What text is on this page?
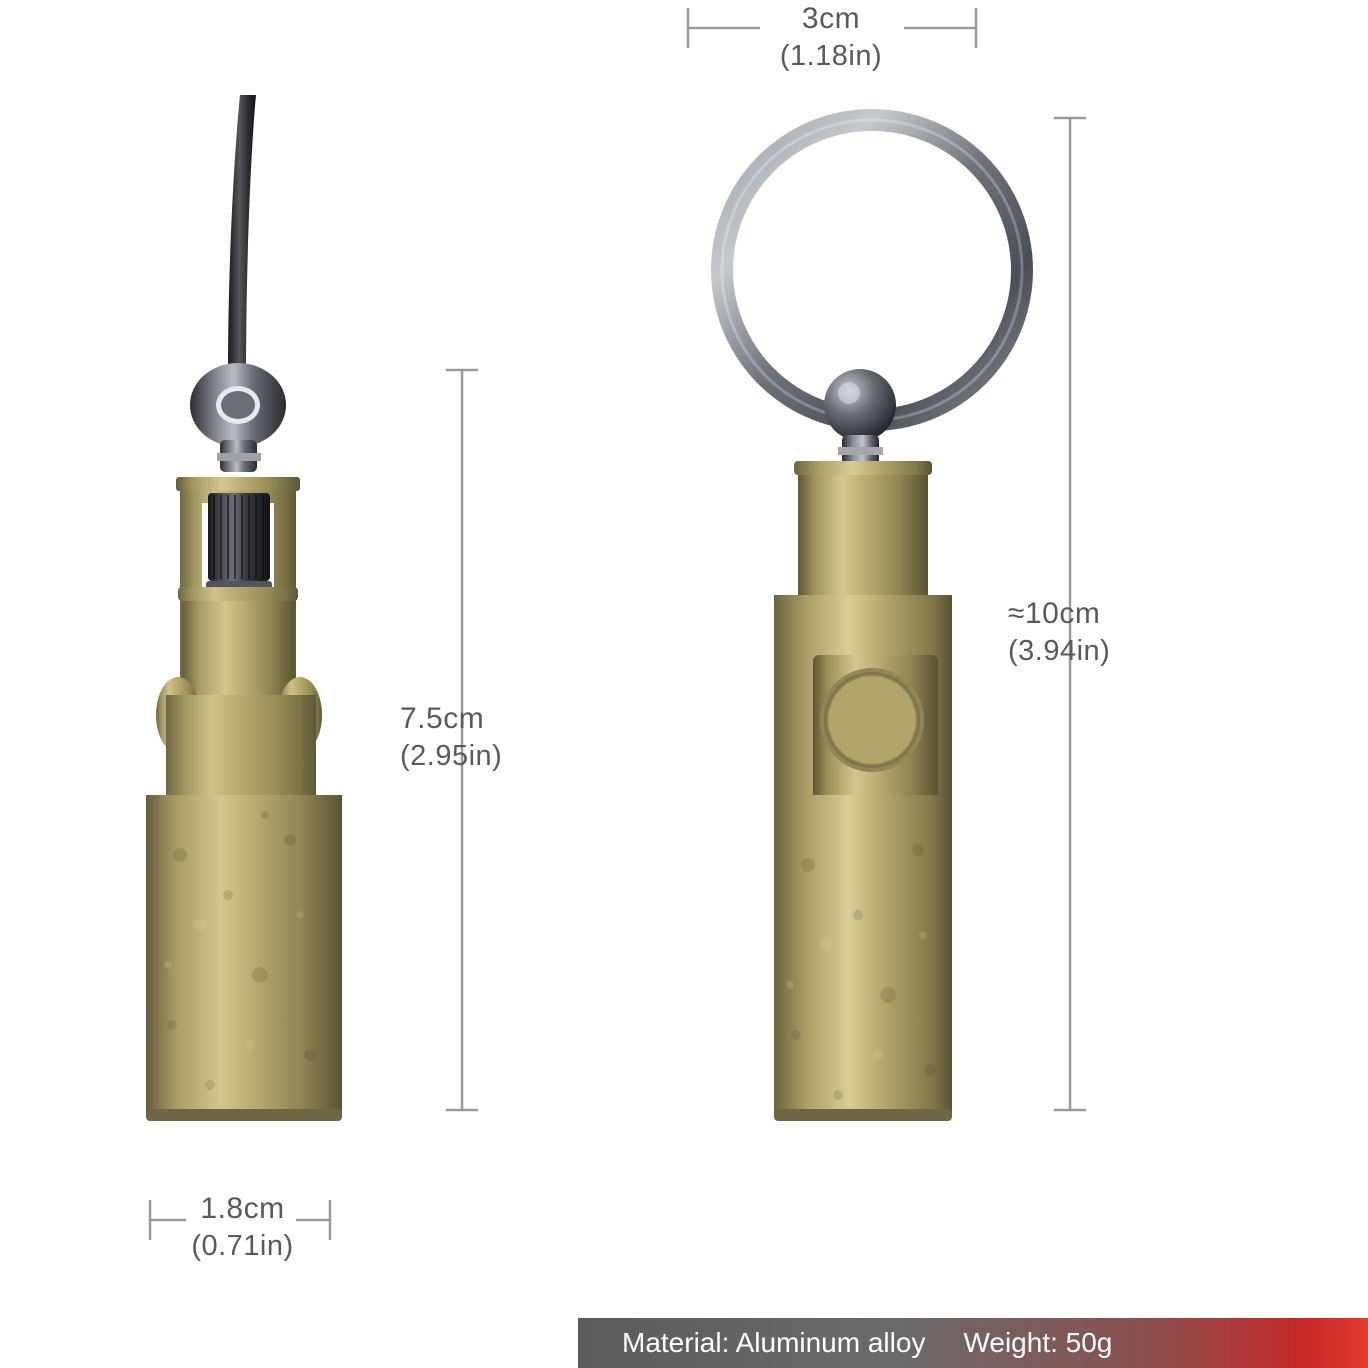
3cm
(1.18in)
7.5cm
(2.95in)
≈10cm
(3.94in)
1.8cm
(0.71in)
Material: Aluminum alloy Weight: 50g
